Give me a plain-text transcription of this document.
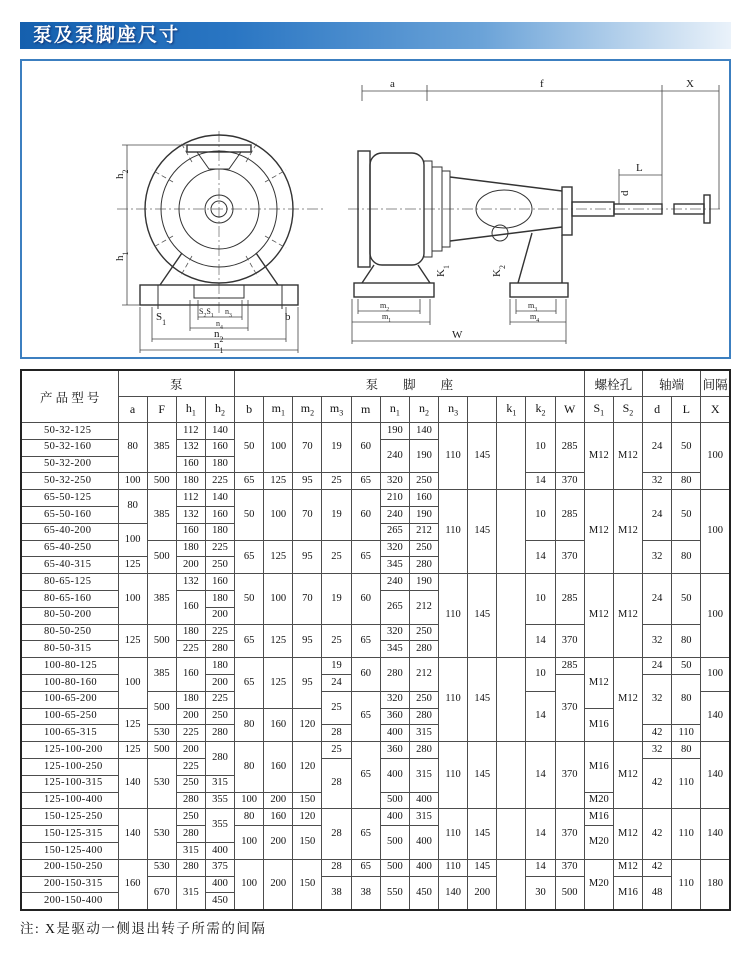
泵及泵脚座尺寸
$h_2$
$h_1$
$S_2S_1$ $n_3$
$n_4$
$n_2$
$n_1$
$S_1$	b
a	f	X
L
d
$K_1$
$K_2$
$m_2$
$m_1$
$m_3$
$m_4$
W
产 品 型 号	泵				泵　　脚　　座												螺栓孔		轴端		间隔
	a	F	$h_1$	$h_2$	b	$m_1$	$m_2$	$m_3$	m	$n_1$	$n_2$	$n_3$		$k_1$	$k_2$	W	$S_1$	$S_2$	d	L	X
50-32-125	80	385	112	140	50	100	70	19	60	190	140	110	145		10	285	M12	M12	24	50	100
50-32-160			132	160						240	190										
50-32-200			160	180																	
50-32-250	100	500	180	225	65	125	95	25	65	320	250				14	370			32	80	
65-50-125	80	385	112	140	50	100	70	19	60	210	160	110	145		10	285	M12	M12	24	50	100
65-50-160			132	160						240	190										
65-40-200	100		160	180						265	212										
65-40-250		500	180	225	65	125	95	25	65	320	250				14	370			32	80	
65-40-315	125		200	250						345	280										
80-65-125	100	385	132	160	50	100	70	19	60	240	190	110	145		10	285	M12	M12	24	50	100
80-65-160			160	180						265	212										
80-50-200				200																	
80-50-250	125	500	180	225	65	125	95	25	65	320	250				14	370			32	80	
80-50-315			225	280						345	280										
100-80-125	100	385	160	180	65	125	95	19	60	280	212	110	145		10	285	M12	M12	24	50	100
100-80-160				200				24								370			32	80	
100-65-200		500	180	225				25	65	320	250				14						140
100-65-250	125		200	250	80	160	120			360	280						M16				
100-65-315		530	225	280				28		400	315								42	110	
125-100-200	125	500	200	280	80	160	120	25	65	360	280	110	145		14	370	M16	M12	32	80	140
125-100-250	140	530	225					28		400	315								42	110	
125-100-315			250	315																	
125-100-400			280	355	100	200	150			500	400						M20				
150-125-250	140	530	250	355	80	160	120	28	65	400	315	110	145		14	370	M16	M12	42	110	140
150-125-315			280		100	200	150			500	400						M20				
150-125-400			315	400																	
200-150-250	160	530	280	375	100	200	150	28	65	500	400	110	145		14	370	M20	M12	42	110	180
200-150-315		670	315	400				38	38	550	450	140	200		30	500		M16	48		
200-150-400				450																	
注: X是驱动一侧退出转子所需的间隔
